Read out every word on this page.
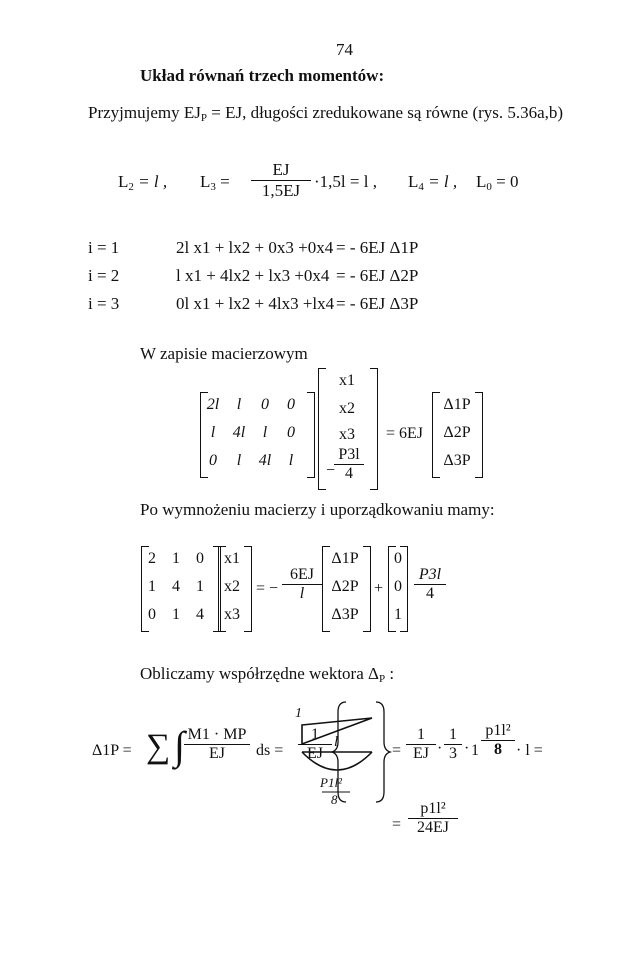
74
Układ równań trzech momentów:
Przyjmujemy $EJ_P$ = EJ, długości zredukowane są równe (rys. 5.36a,b)
$L_2 = l$ , $L_3 = \frac{EJ}{1,5EJ} \cdot 1,5l = l$ , $L_4 = l$ , $L_0 = 0$
i = 1	2l x1 + lx2 + 0x3 +0x4 = - 6EJ Δ1P
i = 2	l x1 + 4lx2 + lx3 +0x4 = - 6EJ Δ2P
i = 3	0l x1 + lx2 + 4lx3 +lx4 = - 6EJ Δ3P
W zapisie macierzowym
2l	l	0	0
l	4l	l	0
0	l	4l	l
x1
x2
x3
−
$\frac{P3l}{4}$
= 6EJ
Δ1P
Δ2P
Δ3P
Po wymnożeniu macierzy i uporządkowaniu mamy:
2	1	0
1	4	1
0	1	4
x1
x2
x3
= − $\frac{6EJ}{l}$
Δ1P
Δ2P
Δ3P
+
0
0
1
$\frac{P3l}{4}$
Obliczamy współrzędne wektora $\Delta_P$ :
Δ1P = ∑ ∫ $\frac{M1 \cdot MP}{EJ}$ ds = $\frac{1}{EJ}$
1
l
P1l²
8
= $\frac{1}{EJ} \cdot \frac{1}{3} \cdot 1 \frac{\text{p1l²}}{8} \cdot l$ =
= $\frac{\text{p1l²}}{24EJ}$
